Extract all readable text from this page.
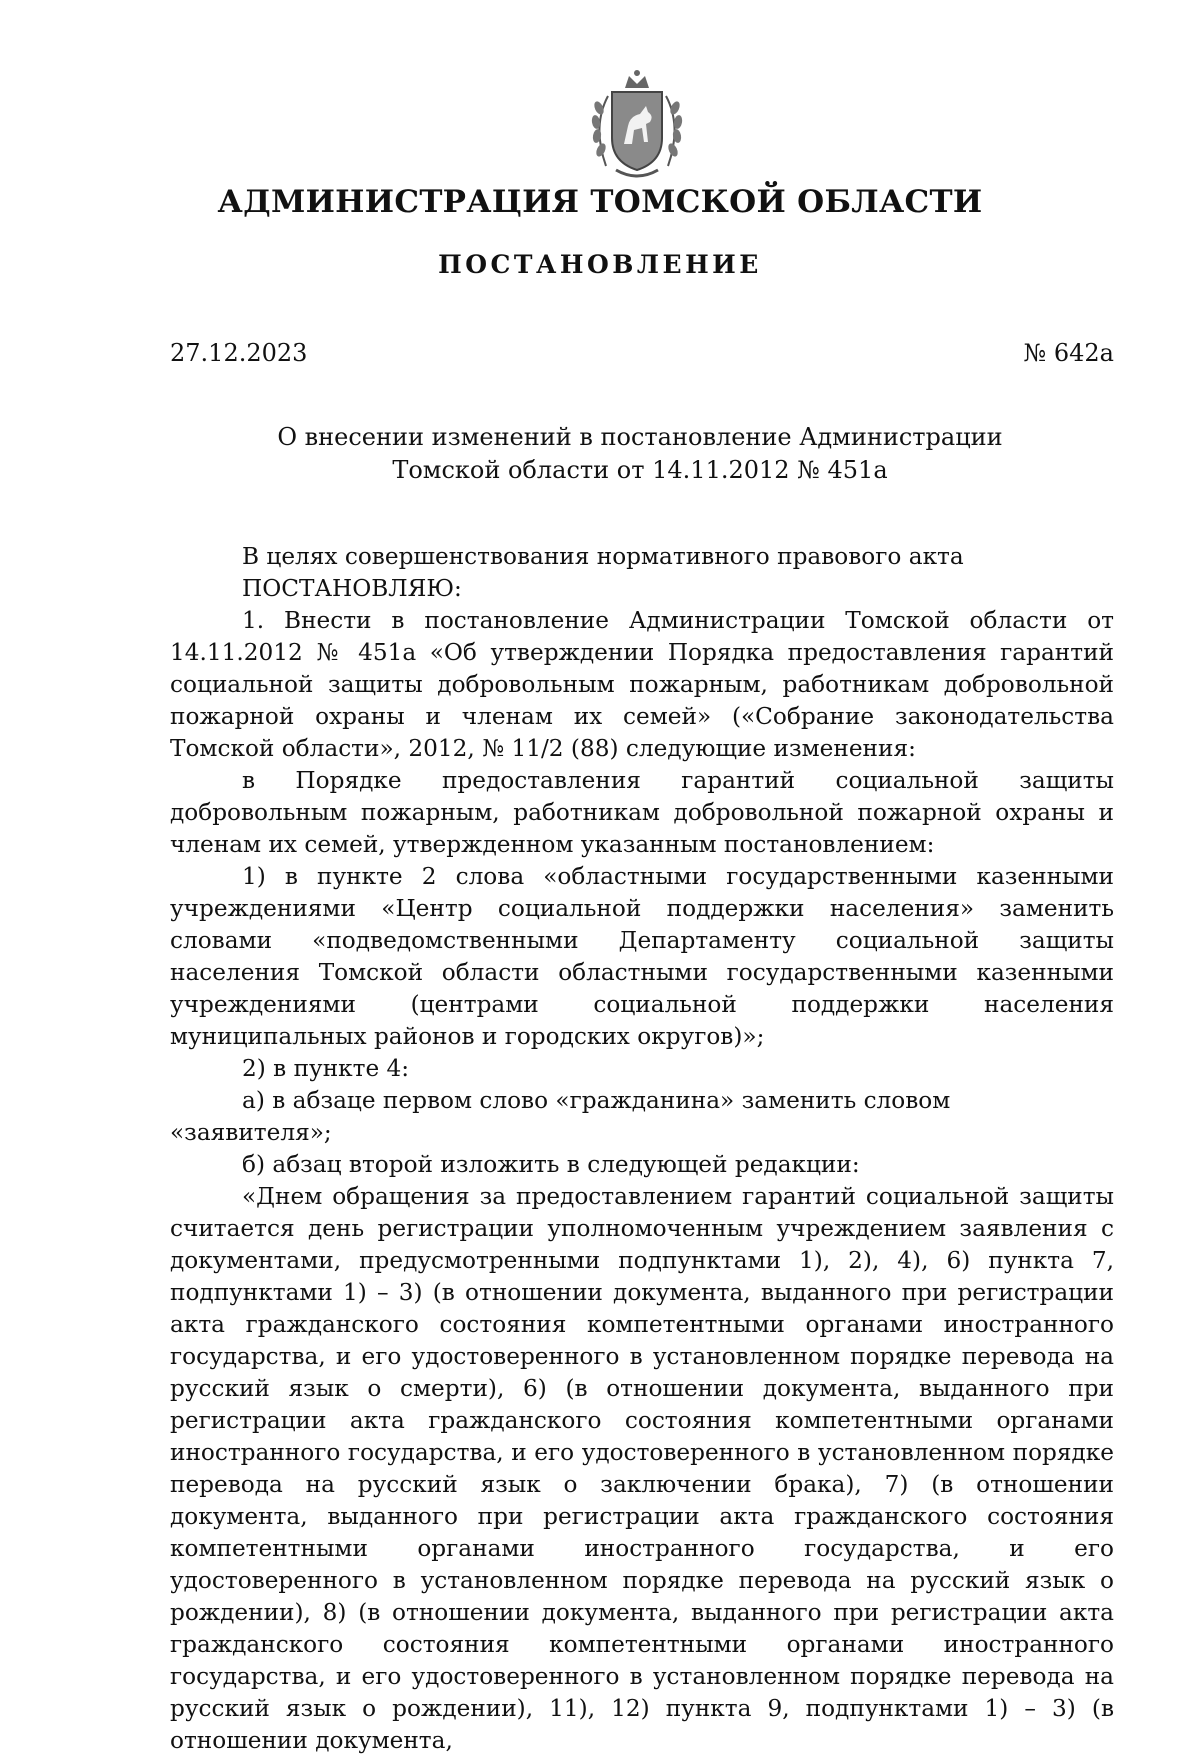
АДМИНИСТРАЦИЯ ТОМСКОЙ ОБЛАСТИ
ПОСТАНОВЛЕНИЕ
27.12.2023	№ 642а
О внесении изменений в постановление Администрации
Томской области от 14.11.2012 № 451а

В целях совершенствования нормативного правового акта

ПОСТАНОВЛЯЮ:

1. Внести в постановление Администрации Томской области от 14.11.2012 № 451а «Об утверждении Порядка предоставления гарантий социальной защиты добровольным пожарным, работникам добровольной пожарной охраны и членам их семей» («Собрание законодательства Томской области», 2012, № 11/2 (88) следующие изменения:

в Порядке предоставления гарантий социальной защиты добровольным пожарным, работникам добровольной пожарной охраны и членам их семей, утвержденном указанным постановлением:

1) в пункте 2 слова «областными государственными казенными учреждениями «Центр социальной поддержки населения» заменить словами «подведомственными Департаменту социальной защиты населения Томской области областными государственными казенными учреждениями (центрами социальной поддержки населения муниципальных районов и городских округов)»;

2) в пункте 4:

а) в абзаце первом слово «гражданина» заменить словом «заявителя»;

б) абзац второй изложить в следующей редакции:

«Днем обращения за предоставлением гарантий социальной защиты считается день регистрации уполномоченным учреждением заявления с документами, предусмотренными подпунктами 1), 2), 4), 6) пункта 7, подпунктами 1) – 3) (в отношении документа, выданного при регистрации акта гражданского состояния компетентными органами иностранного государства, и его удостоверенного в установленном порядке перевода на русский язык о смерти), 6) (в отношении документа, выданного при регистрации акта гражданского состояния компетентными органами иностранного государства, и его удостоверенного в установленном порядке перевода на русский язык о заключении брака), 7) (в отношении документа, выданного при регистрации акта гражданского состояния компетентными органами иностранного государства, и его удостоверенного в установленном порядке перевода на русский язык о рождении), 8) (в отношении документа, выданного при регистрации акта гражданского состояния компетентными органами иностранного государства, и его удостоверенного в установленном порядке перевода на русский язык о рождении), 11), 12) пункта 9, подпунктами 1) – 3) (в отношении документа,
